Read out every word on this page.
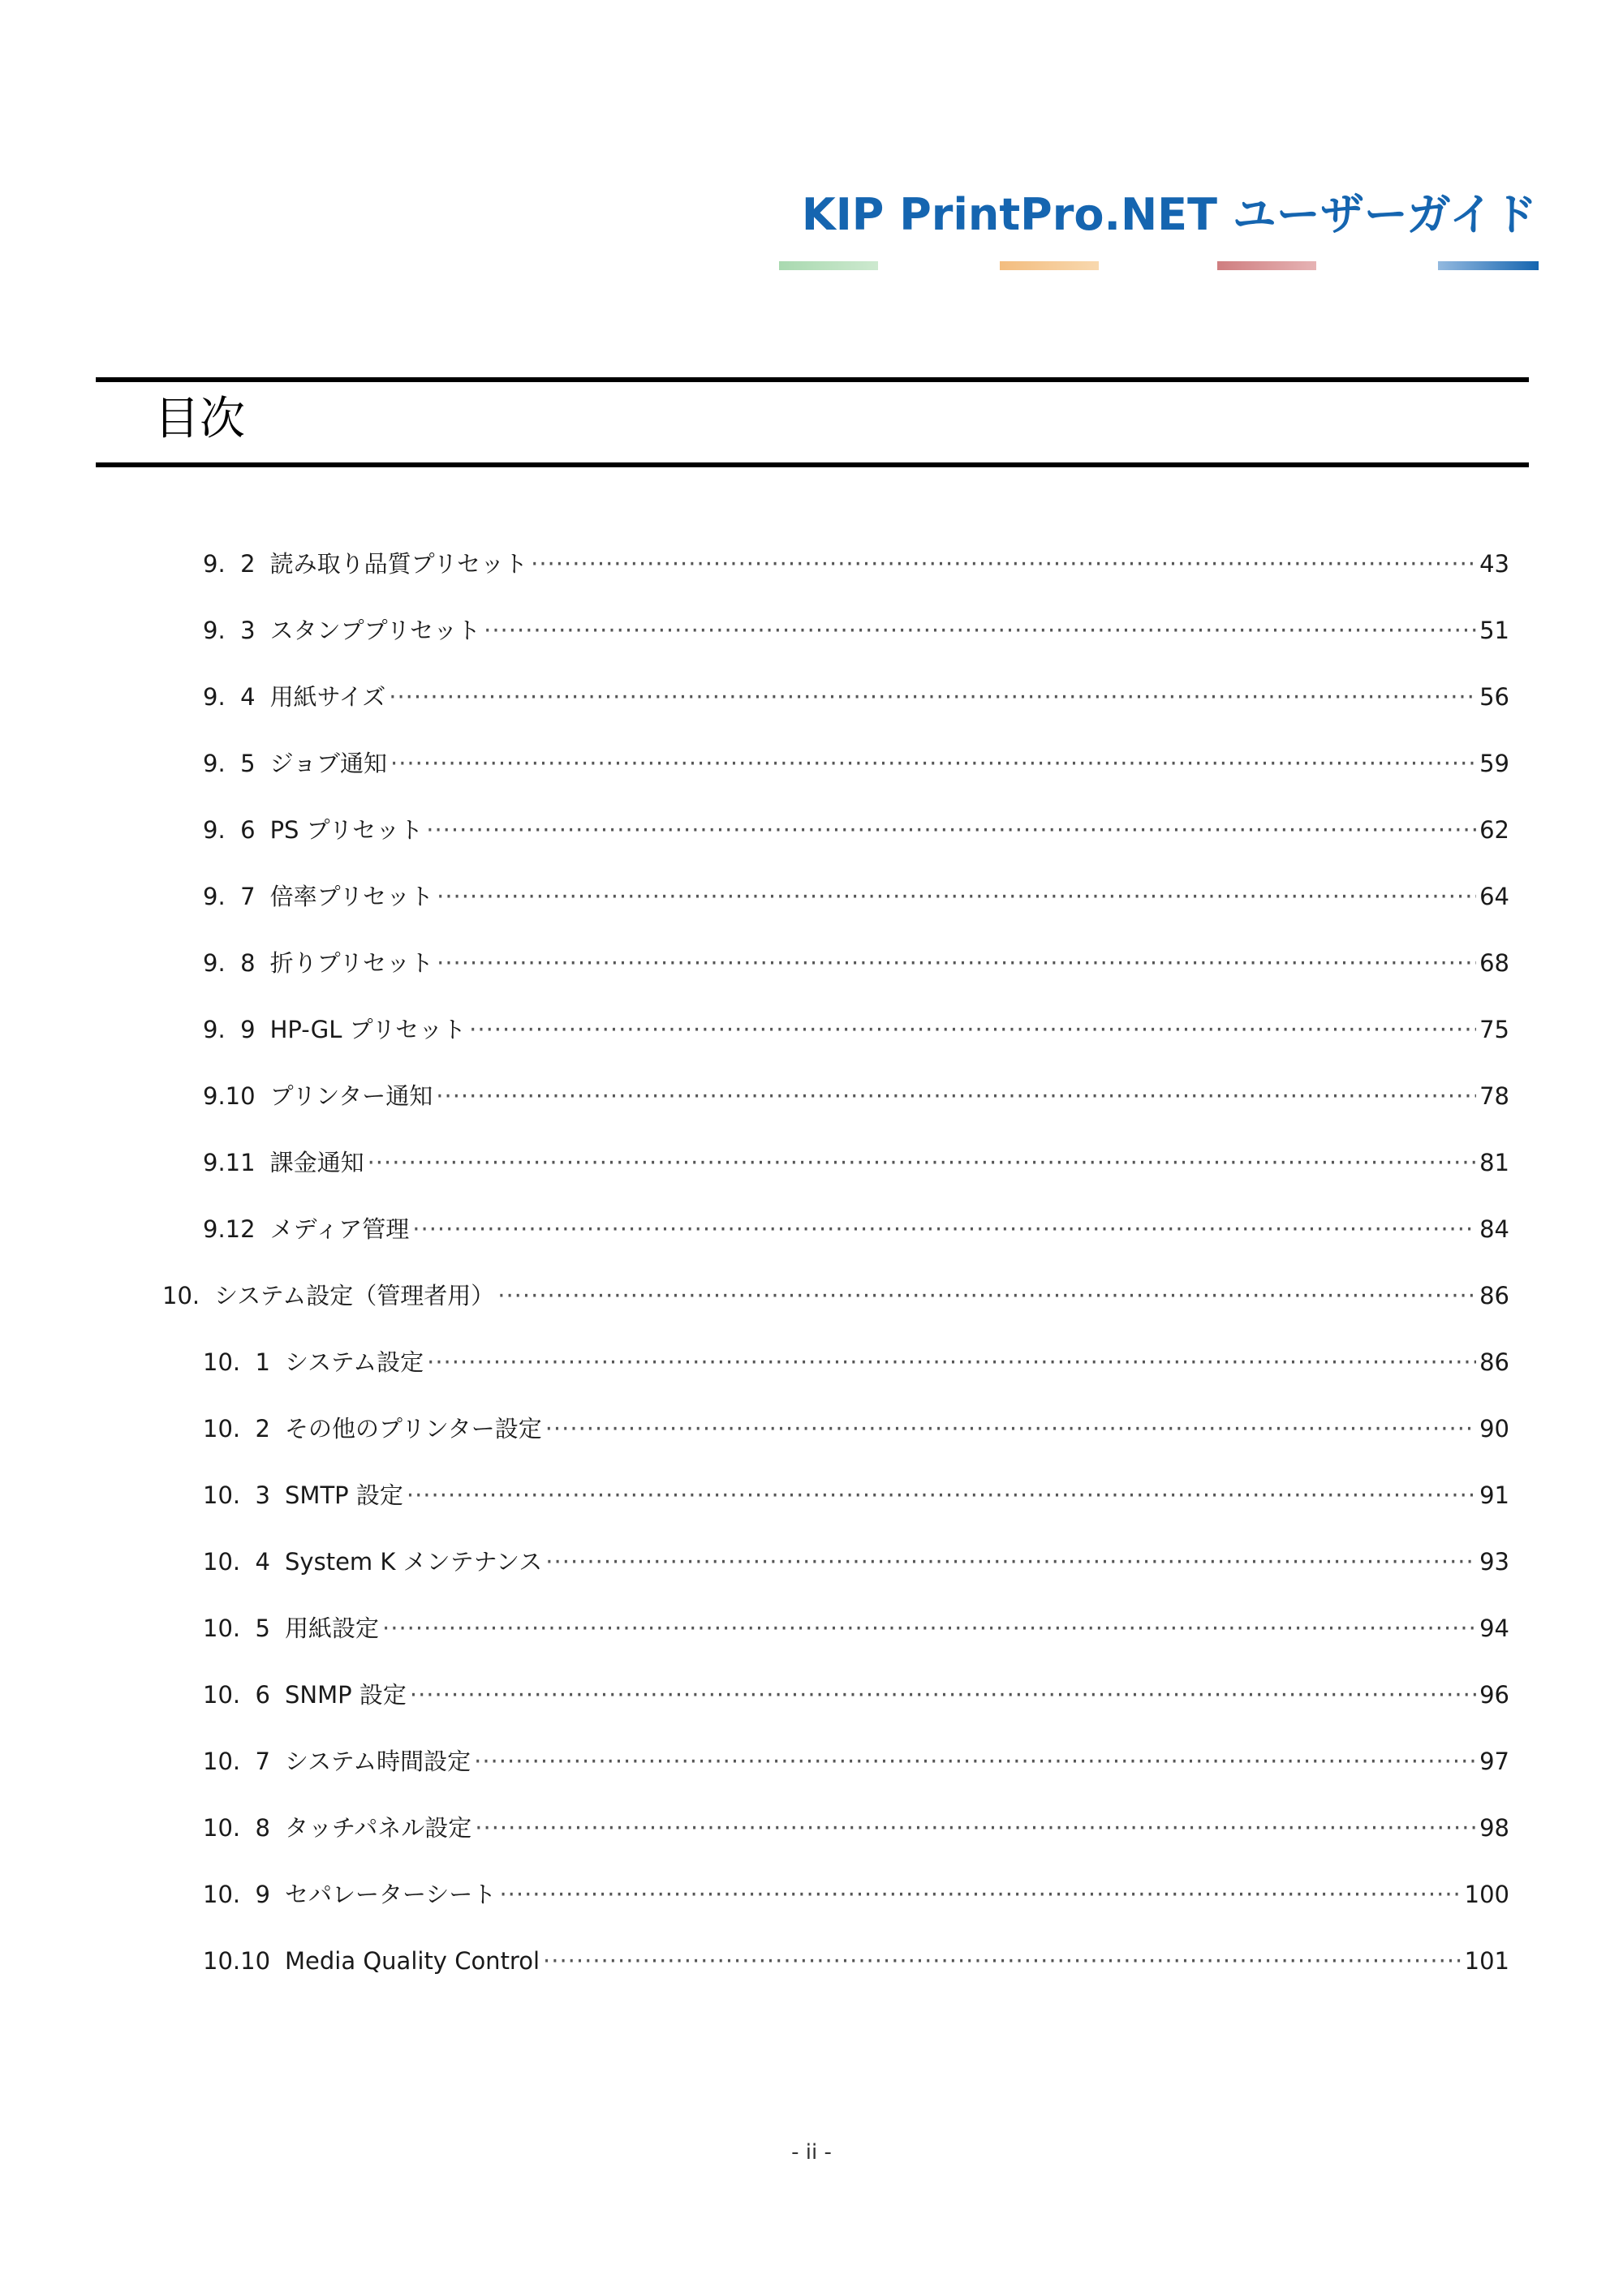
KIP PrintPro.NET ユーザーガイド
目次
9.  2 読み取り品質プリセット ·····	43
9.  3 スタンププリセット ·····	51
9.  4 用紙サイズ ·····	56
9.  5 ジョブ通知 ·····	59
9.  6 PS プリセット ·····	62
9.  7 倍率プリセット ·····	64
9.  8 折りプリセット ·····	68
9.  9 HP-GL プリセット ·····	75
9.10 プリンター通知 ·····	78
9.11 課金通知 ·····	81
9.12 メディア管理 ·····	84
10. システム設定（管理者用） ·····	86
10.  1 システム設定 ·····	86
10.  2 その他のプリンター設定 ·····	90
10.  3 SMTP 設定 ·····	91
10.  4 System K メンテナンス ·····	93
10.  5 用紙設定 ·····	94
10.  6 SNMP 設定 ·····	96
10.  7 システム時間設定 ·····	97
10.  8 タッチパネル設定 ·····	98
10.  9 セパレーターシート ·····	100
10.10 Media Quality Control ·····	101
- ii -
